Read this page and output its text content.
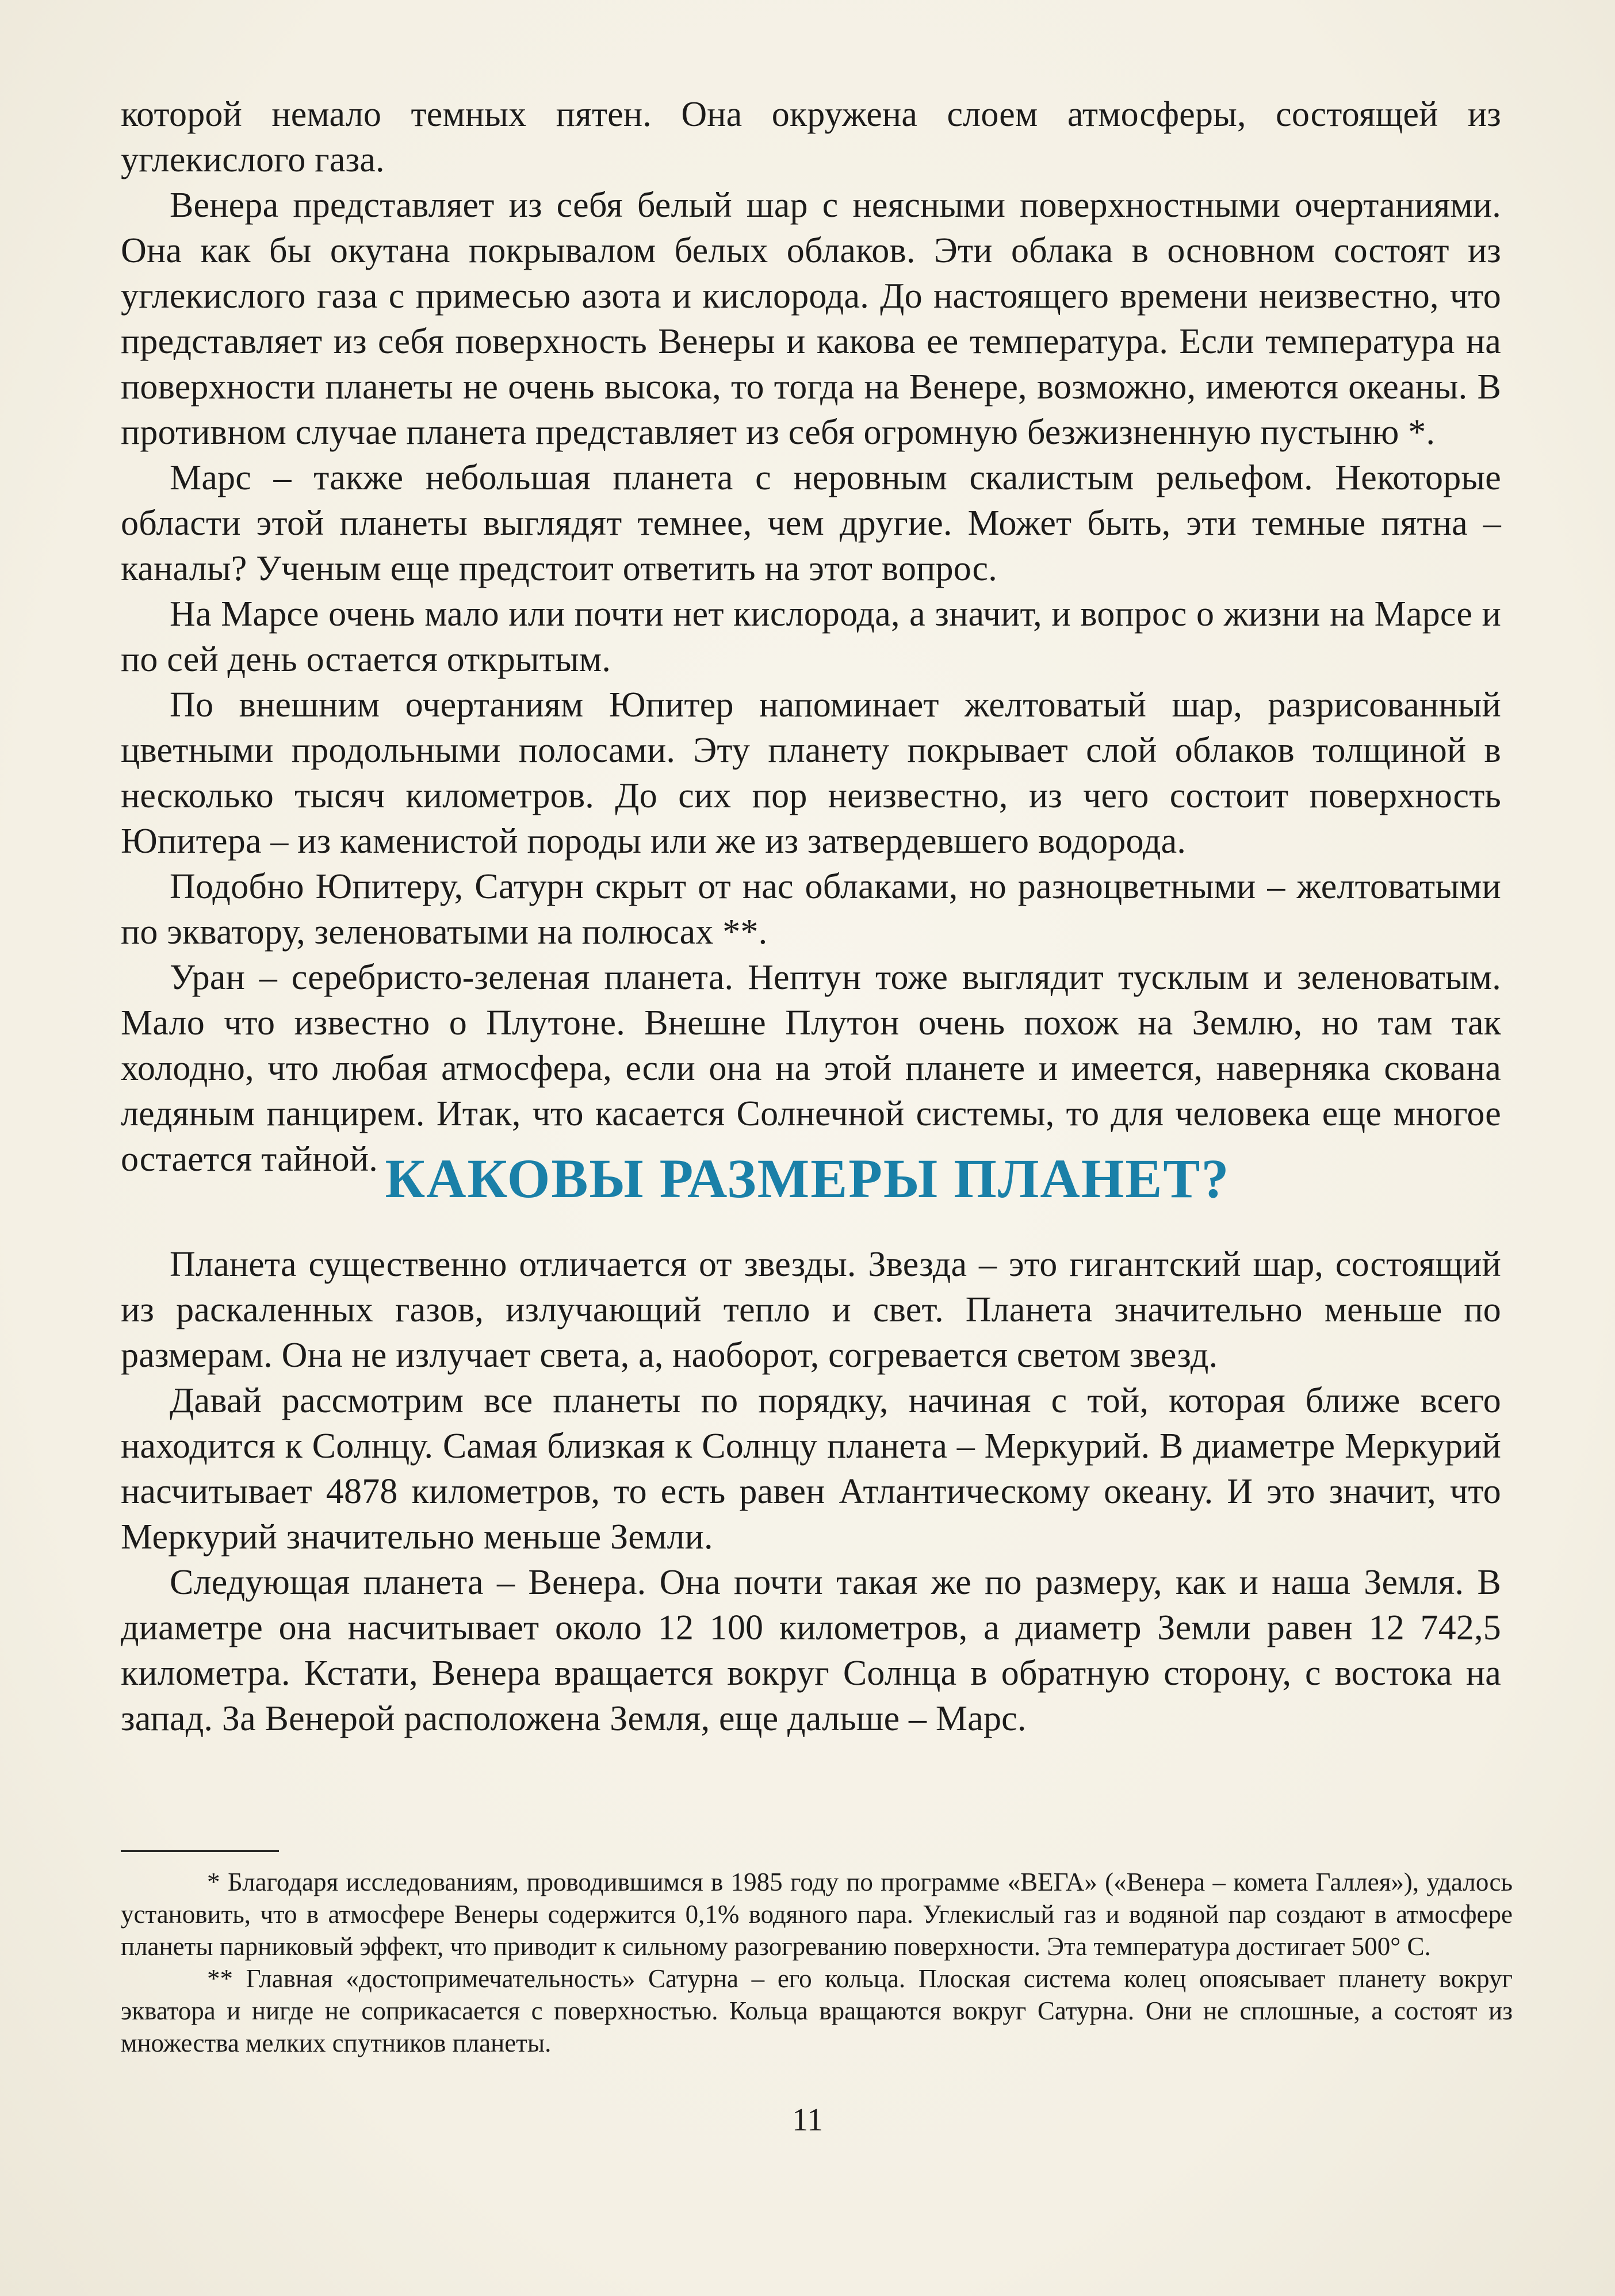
которой немало темных пятен. Она окружена слоем атмосферы, состоящей из углекислого газа.

Венера представляет из себя белый шар с неясными поверхностными очертаниями. Она как бы окутана покрывалом белых облаков. Эти облака в основном состоят из углекислого газа с примесью азота и кислорода. До настоящего времени неизвестно, что представляет из себя поверхность Венеры и какова ее температура. Если температура на поверхности планеты не очень высока, то тогда на Венере, возможно, имеются океаны. В противном случае планета представляет из себя огромную безжизненную пустыню *.

Марс – также небольшая планета с неровным скалистым рельефом. Некоторые области этой планеты выглядят темнее, чем другие. Может быть, эти темные пятна – каналы? Ученым еще предстоит ответить на этот вопрос.

На Марсе очень мало или почти нет кислорода, а значит, и вопрос о жизни на Марсе и по сей день остается открытым.

По внешним очертаниям Юпитер напоминает желтоватый шар, разрисованный цветными продольными полосами. Эту планету покрывает слой облаков толщиной в несколько тысяч километров. До сих пор неизвестно, из чего состоит поверхность Юпитера – из каменистой породы или же из затвердевшего водорода.

Подобно Юпитеру, Сатурн скрыт от нас облаками, но разноцветными – желтоватыми по экватору, зеленоватыми на полюсах **.

Уран – серебристо-зеленая планета. Нептун тоже выглядит тусклым и зеленоватым. Мало что известно о Плутоне. Внешне Плутон очень похож на Землю, но там так холодно, что любая атмосфера, если она на этой планете и имеется, наверняка скована ледяным панцирем. Итак, что касается Солнечной системы, то для человека еще многое остается тайной. КАКОВЫ РАЗМЕРЫ ПЛАНЕТ?

Планета существенно отличается от звезды. Звезда – это гигантский шар, состоящий из раскаленных газов, излучающий тепло и свет. Планета значительно меньше по размерам. Она не излучает света, а, наоборот, согревается светом звезд.

Давай рассмотрим все планеты по порядку, начиная с той, которая ближе всего находится к Солнцу. Самая близкая к Солнцу планета – Меркурий. В диаметре Меркурий насчитывает 4878 километров, то есть равен Атлантическому океану. И это значит, что Меркурий значительно меньше Земли.

Следующая планета – Венера. Она почти такая же по размеру, как и наша Земля. В диаметре она насчитывает около 12 100 километров, а диаметр Земли равен 12 742,5 километра. Кстати, Венера вращается вокруг Солнца в обратную сторону, с востока на запад. За Венерой расположена Земля, еще дальше – Марс.

* Благодаря исследованиям, проводившимся в 1985 году по программе «ВЕГА» («Венера – комета Галлея»), удалось установить, что в атмосфере Венеры содержится 0,1% водяного пара. Углекислый газ и водяной пар создают в атмосфере планеты парниковый эффект, что приводит к сильному разогреванию поверхности. Эта температура достигает 500° С.

** Главная «достопримечательность» Сатурна – его кольца. Плоская система колец опоясывает планету вокруг экватора и нигде не соприкасается с поверхностью. Кольца вращаются вокруг Сатурна. Они не сплошные, а состоят из множества мелких спутников планеты.

11
